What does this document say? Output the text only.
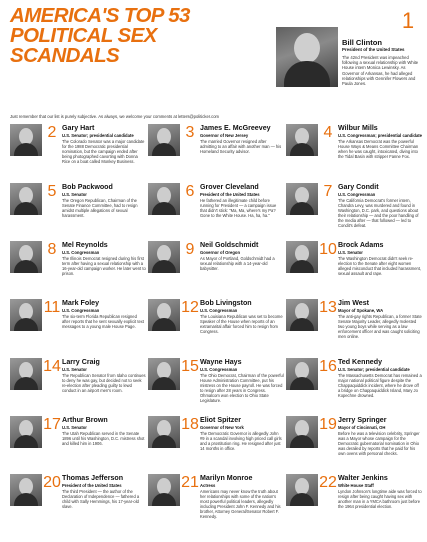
AMERICA'S TOP 53
POLITICAL SEX
SCANDALS
1
Bill Clinton
President of the United States
The 42nd President was impeached following a sexual relationship with White House intern Monica Lewinsky. As Governor of Arkansas, he had alleged relationships with Gennifer Flowers and Paula Jones.
Just remember that our list is purely subjective. As always, we welcome your comments at letters@politicker.com
2 Gary Hart
U.S. Senator; presidential candidate
The Colorado Senator was a major candidate for the 1988 Democratic presidential nomination, but the campaign ended after being photographed cavorting with Donna Rice on a boat called Monkey Business.
3 James E. McGreevey
Governor of New Jersey
The married Governor resigned after admitting to an affair with another man — his Homeland Security advisor.
4 Wilbur Mills
U.S. Congressman; presidential candidate
The Arkansas Democrat was the powerful House Ways & Means Committee Chairman when he was caught, intoxicated, diving into the Tidal Basin with stripper Fanne Fox.
5 Bob Packwood
U.S. Senator
The Oregon Republican, Chairman of the Senate Finance Committee, had to resign amidst multiple allegations of sexual harassment.
6 Grover Cleveland
President of the United States
He fathered an illegitimate child before running for President — a campaign issue that didn't stick: "Ma, Ma, where's my Pa? Gone to the White House. Ha, ha, ha."
7 Gary Condit
U.S. Congressman
The California Democrat's former intern, Chandra Levy, was murdered and found in Washington, D.C. park, and questions about their relationship — and the poor handling of the media after — that followed — led to Condit's defeat.
8 Mel Reynolds
U.S. Congressman
The Illinois Democrat resigned during his first term after having a sexual relationship with a 16-year-old campaign worker. He later went to prison.
9 Neil Goldschmidt
Governor of Oregon
As Mayor of Portland, Goldschmidt had a sexual relationship with a 14-year-old babysitter.
10 Brock Adams
U.S. Senator
The Washington Democrat didn't seek re-election to the Senate after eight women alleged misconduct that included harassment, sexual assault and rape.
11 Mark Foley
U.S. Congressman
The six-term Florida Republican resigned after reports that he sent sexually explicit text messages to a young male House Page.
12 Bob Livingston
U.S. Congressman
The Louisiana Republican was set to become Speaker of the House when reports of an extramarital affair forced him to resign from Congress.
13 Jim West
Mayor of Spokane, WA
The anti-gay rights Republican, a former State Senate Majority Leader, allegedly molested two young boys while serving as a law enforcement officer and was caught soliciting men online.
14 Larry Craig
U.S. Senator
The Republican Senator from Idaho continues to deny he was gay, but decided not to seek re-election after pleading guilty to lewd conduct in an airport men's room.
15 Wayne Hays
U.S. Congressman
The Ohio Democrat, Chairman of the powerful House Administration Committee, put his mistress on the House payroll. He was forced to resign after 28 years in Congress. Ohmalcom won election to Ohio State Legislature.
16 Ted Kennedy
U.S. Senator; presidential candidate
The Massachusetts Democrat has remained a major national political figure despite the Chappaquiddick incident, where he drove off a bridge on Chappaquiddick Island, Mary Jo Kopechne drowned.
17 Arthur Brown
U.S. Senator
The Utah Republican served in the Senate 1896 until his Washington, D.C. mistress shot and killed him in 1906.
18 Eliot Spitzer
Governor of New York
The Democratic Governor is allegedly John #9 in a scandal involving high priced call girls and a prostitution ring. He resigned after just 14 months in office.
19 Jerry Springer
Mayor of Cincinnati, OH
Before he was a television celebrity, Springer was a Mayor whose campaign for the Democratic gubernatorial nomination in Ohio was derailed by reports that he paid for his own ovens with personal checks.
20 Thomas Jefferson
President of the United States
The third President — the author of the Declaration of Independence — fathered a child with Sally Hemmings, his 17-year-old slave.
21 Marilyn Monroe
Actress
Americans may never know the truth about her relationships with some of the nation's most powerful political leaders, allegedly including President John F. Kennedy and his brother, Attorney General/Senator Robert F. Kennedy.
22 Walter Jenkins
White House Staff
Lyndon Johnson's longtime aide was forced to resign after being caught having sex with another man in a YMCA bathroom just before the 1964 presidential election.
